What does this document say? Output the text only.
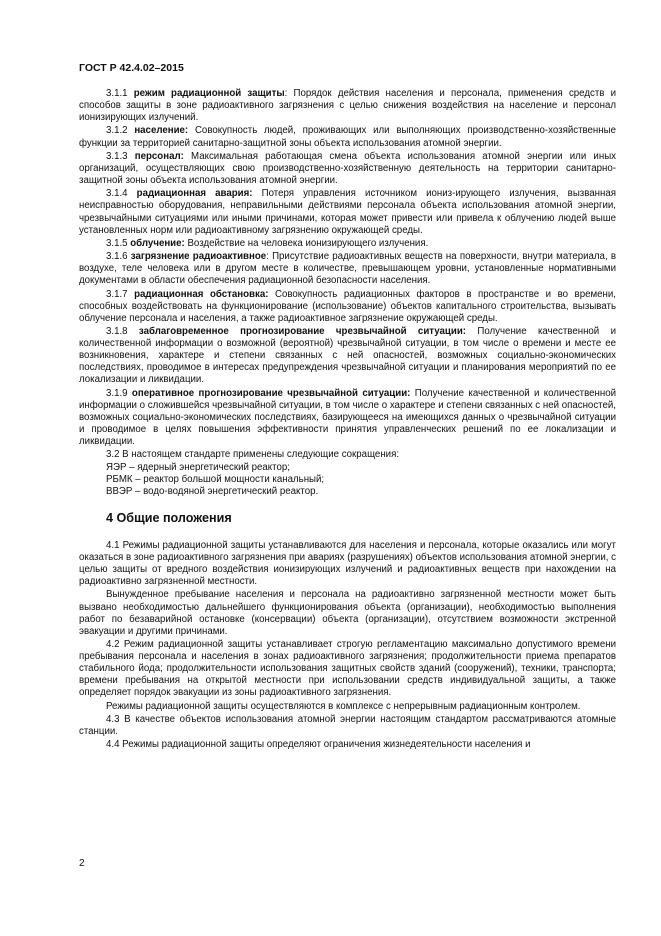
ГОСТ Р 42.4.02–2015

3.1.1 режим радиационной защиты: Порядок действия населения и персонала, применения средств и способов защиты в зоне радиоактивного загрязнения с целью снижения воздействия на население и персонал ионизирующих излучений.

3.1.2 население: Совокупность людей, проживающих или выполняющих производственно-хозяйственные функции за территорией санитарно-защитной зоны объекта использования атомной энергии.

3.1.3 персонал: Максимальная работающая смена объекта использования атомной энергии или иных организаций, осуществляющих свою производственно-хозяйственную деятельность на территории санитарно-защитной зоны объекта использования атомной энергии.

3.1.4 радиационная авария: Потеря управления источником иониз-ирующего излучения, вызванная неисправностью оборудования, неправильными действиями персонала объекта использования атомной энергии, чрезвычайными ситуациями или иными причинами, которая может привести или привела к облучению людей выше установленных норм или радиоактивному загрязнению окружающей среды.

3.1.5 облучение: Воздействие на человека ионизирующего излучения.

3.1.6 загрязнение радиоактивное: Присутствие радиоактивных веществ на поверхности, внутри материала, в воздухе, теле человека или в другом месте в количестве, превышающем уровни, установленные нормативными документами в области обеспечения радиационной безопасности населения.

3.1.7 радиационная обстановка: Совокупность радиационных факторов в пространстве и во времени, способных воздействовать на функционирование (использование) объектов капитального строительства, вызывать облучение персонала и населения, а также радиоактивное загрязнение окружающей среды.

3.1.8 заблаговременное прогнозирование чрезвычайной ситуации: Получение качественной и количественной информации о возможной (вероятной) чрезвычайной ситуации, в том числе о времени и месте ее возникновения, характере и степени связанных с ней опасностей, возможных социально-экономических последствиях, проводимое в интересах предупреждения чрезвычайной ситуации и планирования мероприятий по ее локализации и ликвидации.

3.1.9 оперативное прогнозирование чрезвычайной ситуации: Получение качественной и количественной информации о сложившейся чрезвычайной ситуации, в том числе о характере и степени связанных с ней опасностей, возможных социально-экономических последствиях, базирующееся на имеющихся данных о чрезвычайной ситуации и проводимое в целях повышения эффективности принятия управленческих решений по ее локализации и ликвидации.

3.2 В настоящем стандарте применены следующие сокращения:

ЯЭР – ядерный энергетический реактор;

РБМК – реактор большой мощности канальный;

ВВЭР – водо-водяной энергетический реактор.

4 Общие положения

4.1 Режимы радиационной защиты устанавливаются для населения и персонала, которые оказались или могут оказаться в зоне радиоактивного загрязнения при авариях (разрушениях) объектов использования атомной энергии, с целью защиты от вредного воздействия ионизирующих излучений и радиоактивных веществ при нахождении на радиоактивно загрязненной местности.

Вынужденное пребывание населения и персонала на радиоактивно загрязненной местности может быть вызвано необходимостью дальнейшего функционирования объекта (организации), необходимостью выполнения работ по безаварийной остановке (консервации) объекта (организации), отсутствием возможности экстренной эвакуации и другими причинами.

4.2 Режим радиационной защиты устанавливает строгую регламентацию максимально допустимого времени пребывания персонала и населения в зонах радиоактивного загрязнения; продолжительности приема препаратов стабильного йода; продолжительности использования защитных свойств зданий (сооружений), техники, транспорта; времени пребывания на открытой местности при использовании средств индивидуальной защиты, а также определяет порядок эвакуации из зоны радиоактивного загрязнения.

Режимы радиационной защиты осуществляются в комплексе с непрерывным радиационным контролем.

4.3 В качестве объектов использования атомной энергии настоящим стандартом рассматриваются атомные станции.

4.4 Режимы радиационной защиты определяют ограничения жизнедеятельности населения и

2
